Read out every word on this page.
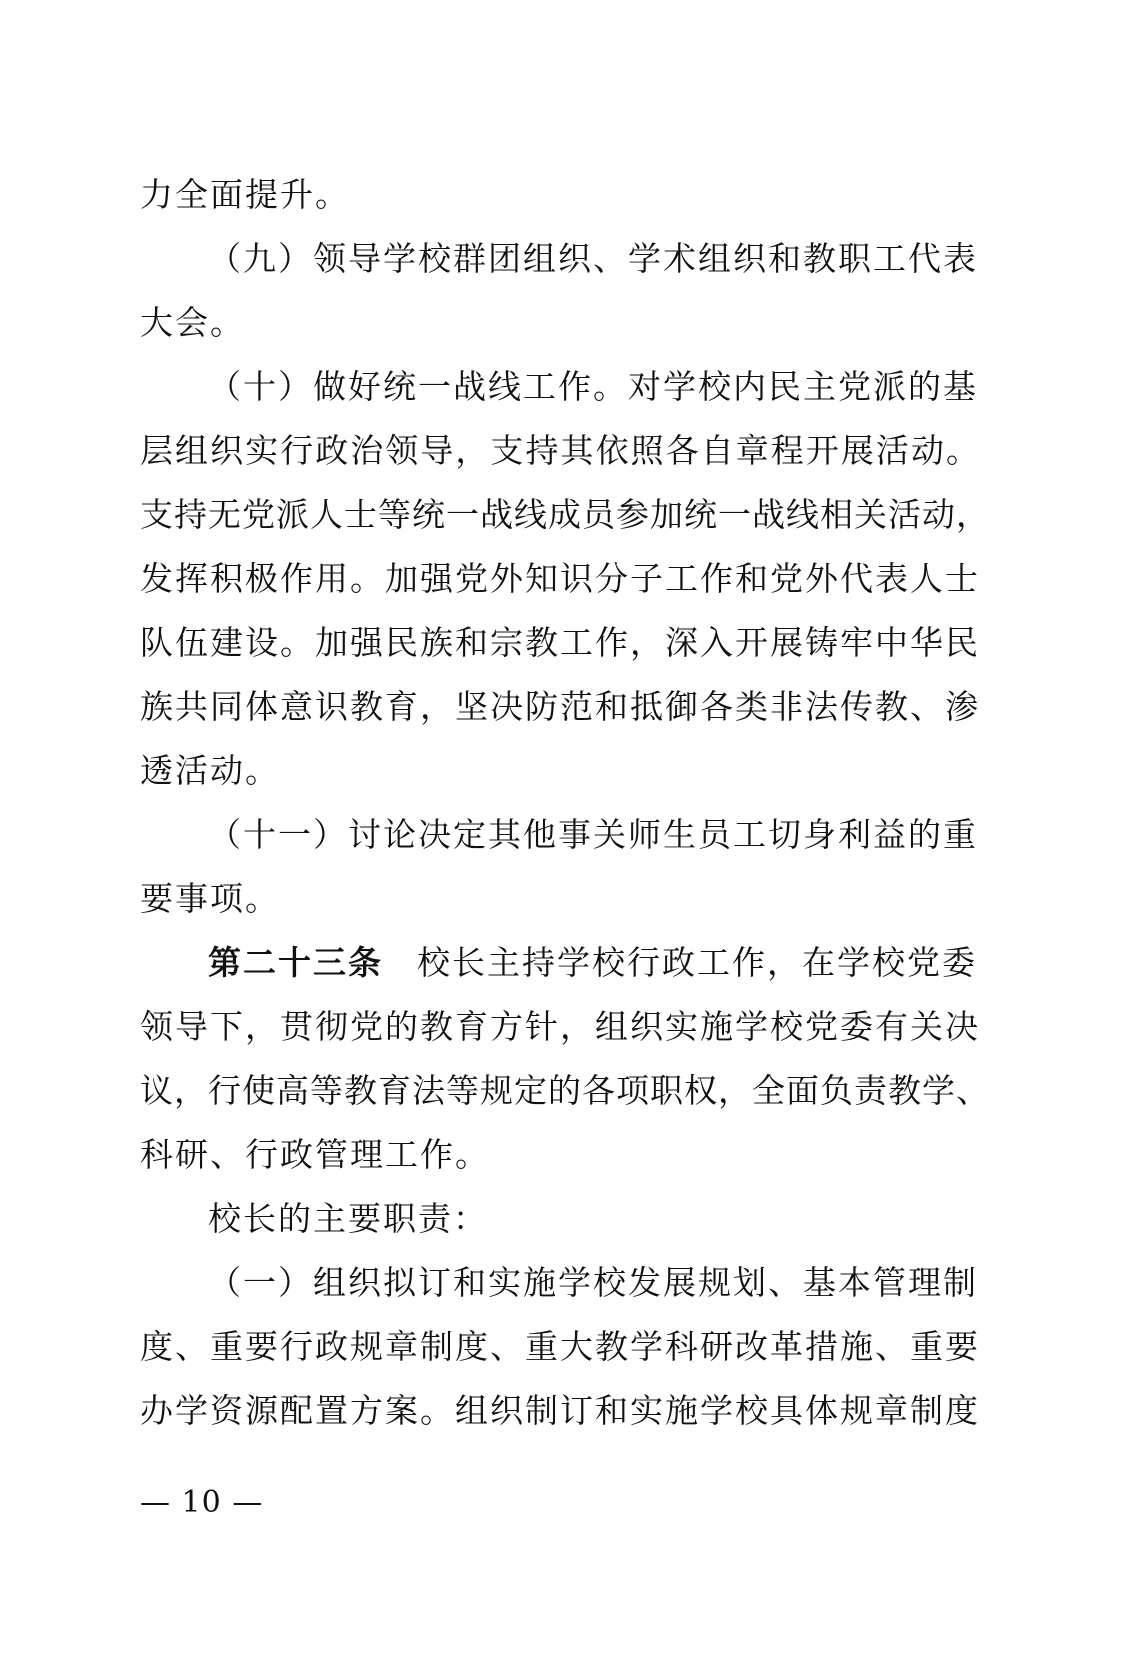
力全面提升。
（九）领导学校群团组织、学术组织和教职工代表
大会。
（十）做好统一战线工作。对学校内民主党派的基
层组织实行政治领导，支持其依照各自章程开展活动。
支持无党派人士等统一战线成员参加统一战线相关活动，
发挥积极作用。加强党外知识分子工作和党外代表人士
队伍建设。加强民族和宗教工作，深入开展铸牢中华民
族共同体意识教育，坚决防范和抵御各类非法传教、渗
透活动。
（十一）讨论决定其他事关师生员工切身利益的重
要事项。
第二十三条 校长主持学校行政工作，在学校党委
领导下，贯彻党的教育方针，组织实施学校党委有关决
议，行使高等教育法等规定的各项职权，全面负责教学、
科研、行政管理工作。
校长的主要职责：
（一）组织拟订和实施学校发展规划、基本管理制
度、重要行政规章制度、重大教学科研改革措施、重要
办学资源配置方案。组织制订和实施学校具体规章制度
— 10 —
